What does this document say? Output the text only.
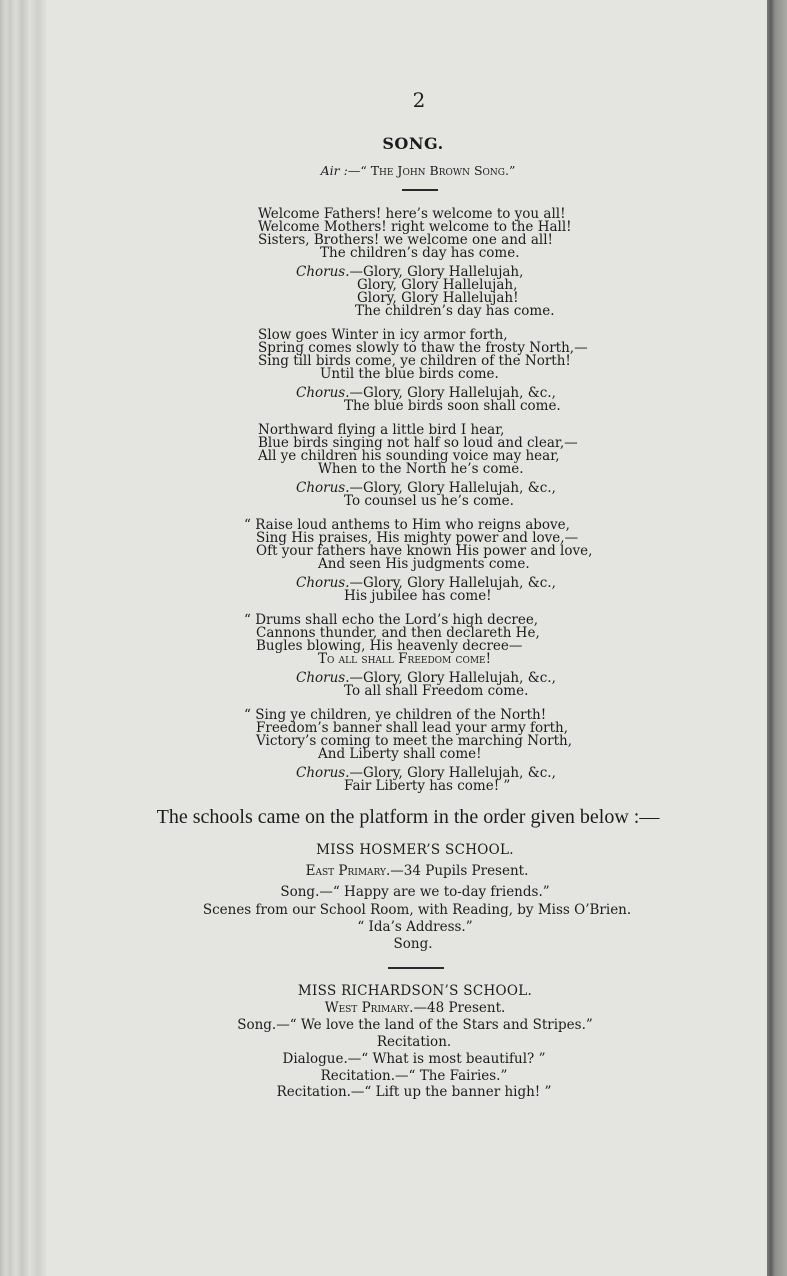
2
SONG.
Air :—“ The John Brown Song.”
Welcome Fathers! here’s welcome to you all!
Welcome Mothers! right welcome to the Hall!
Sisters, Brothers! we welcome one and all!
The children’s day has come.
Chorus.—Glory, Glory Hallelujah,
Glory, Glory Hallelujah,
Glory, Glory Hallelujah!
The children’s day has come.
Slow goes Winter in icy armor forth,
Spring comes slowly to thaw the frosty North,—
Sing till birds come, ye children of the North!
Until the blue birds come.
Chorus.—Glory, Glory Hallelujah, &c.,
The blue birds soon shall come.
Northward flying a little bird I hear,
Blue birds singing not half so loud and clear,—
All ye children his sounding voice may hear,
When to the North he’s come.
Chorus.—Glory, Glory Hallelujah, &c.,
To counsel us he’s come.
“ Raise loud anthems to Him who reigns above,
Sing His praises, His mighty power and love,—
Oft your fathers have known His power and love,
And seen His judgments come.
Chorus.—Glory, Glory Hallelujah, &c.,
His jubilee has come!
“ Drums shall echo the Lord’s high decree,
Cannons thunder, and then declareth He,
Bugles blowing, His heavenly decree—
To all shall Freedom come!
Chorus.—Glory, Glory Hallelujah, &c.,
To all shall Freedom come.
“ Sing ye children, ye children of the North!
Freedom’s banner shall lead your army forth,
Victory’s coming to meet the marching North,
And Liberty shall come!
Chorus.—Glory, Glory Hallelujah, &c.,
Fair Liberty has come! ”
The schools came on the platform in the order given below :—
MISS HOSMER’S SCHOOL.
East Primary.—34 Pupils Present.
Song.—“ Happy are we to-day friends.”
Scenes from our School Room, with Reading, by Miss O’Brien.
“ Ida’s Address.”
Song.
MISS RICHARDSON’S SCHOOL.
West Primary.—48 Present.
Song.—“ We love the land of the Stars and Stripes.”
Recitation.
Dialogue.—“ What is most beautiful? ”
Recitation.—“ The Fairies.”
Recitation.—“ Lift up the banner high! ”
